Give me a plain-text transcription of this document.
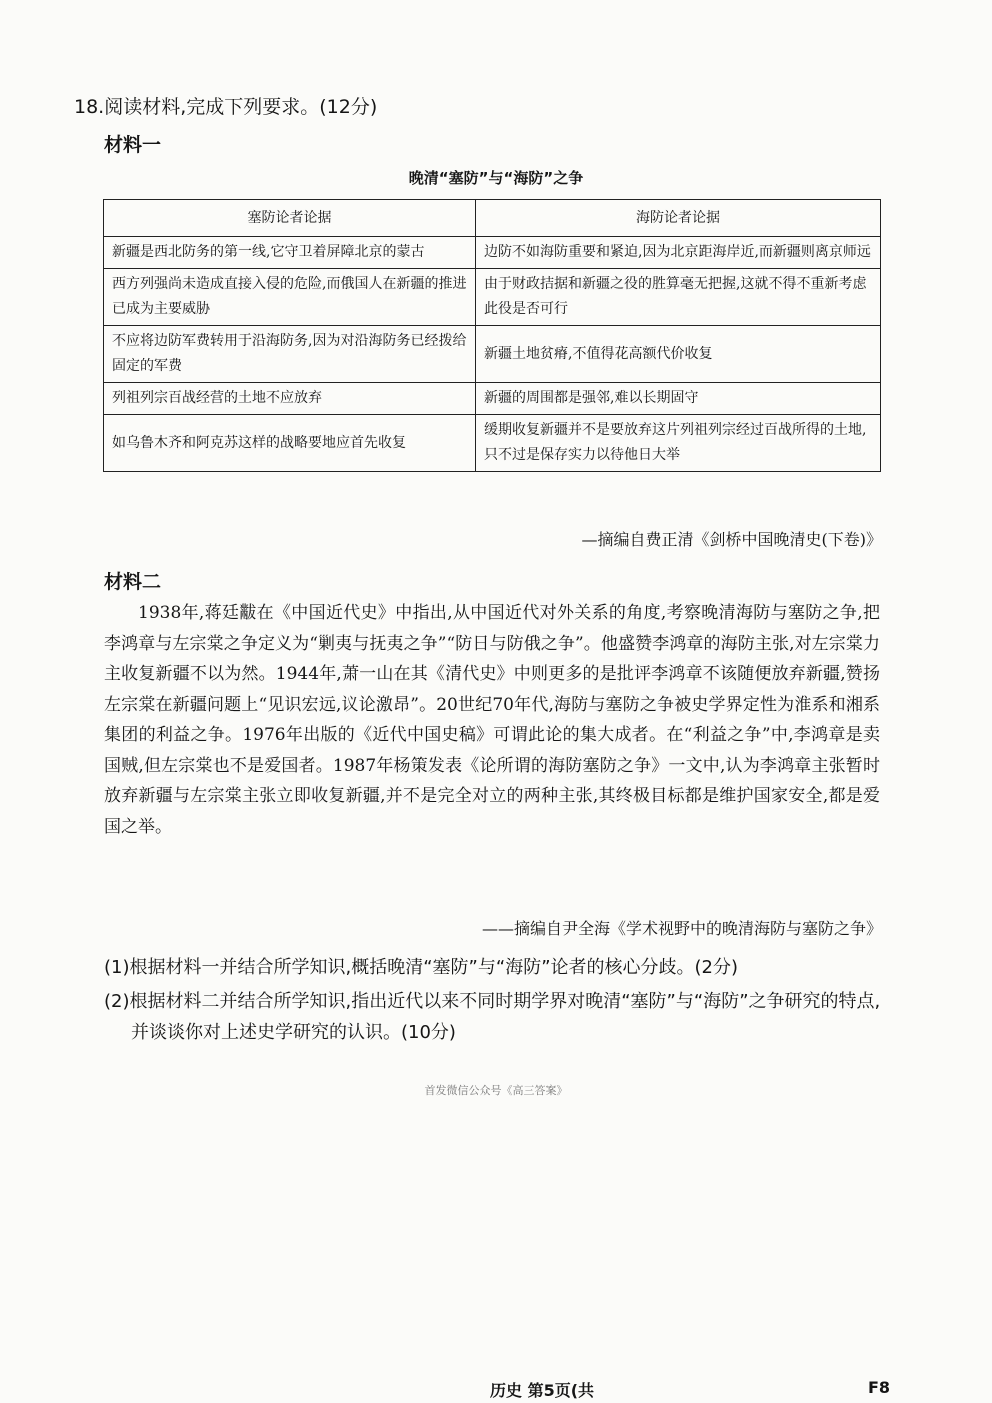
18.阅读材料,完成下列要求。(12分)
材料一
晚清“塞防”与“海防”之争
塞防论者论据	海防论者论据
新疆是西北防务的第一线,它守卫着屏障北京的蒙古	边防不如海防重要和紧迫,因为北京距海岸近,而新疆则离京师远
西方列强尚未造成直接入侵的危险,而俄国人在新疆的推进已成为主要威胁	由于财政拮据和新疆之役的胜算毫无把握,这就不得不重新考虑此役是否可行
不应将边防军费转用于沿海防务,因为对沿海防务已经拨给固定的军费	新疆土地贫瘠,不值得花高额代价收复
列祖列宗百战经营的土地不应放弃	新疆的周围都是强邻,难以长期固守
如乌鲁木齐和阿克苏这样的战略要地应首先收复	缓期收复新疆并不是要放弃这片列祖列宗经过百战所得的土地,只不过是保存实力以待他日大举
—摘编自费正清《剑桥中国晚清史(下卷)》
材料二

1938年,蒋廷黻在《中国近代史》中指出,从中国近代对外关系的角度,考察晚清海防与塞防之争,把李鸿章与左宗棠之争定义为“剿夷与抚夷之争”“防日与防俄之争”。他盛赞李鸿章的海防主张,对左宗棠力主收复新疆不以为然。1944年,萧一山在其《清代史》中则更多的是批评李鸿章不该随便放弃新疆,赞扬左宗棠在新疆问题上“见识宏远,议论激昂”。20世纪70年代,海防与塞防之争被史学界定性为淮系和湘系集团的利益之争。1976年出版的《近代中国史稿》可谓此论的集大成者。在“利益之争”中,李鸿章是卖国贼,但左宗棠也不是爱国者。1987年杨策发表《论所谓的海防塞防之争》一文中,认为李鸿章主张暂时放弃新疆与左宗棠主张立即收复新疆,并不是完全对立的两种主张,其终极目标都是维护国家安全,都是爱国之举。

——摘编自尹全海《学术视野中的晚清海防与塞防之争》
(1)根据材料一并结合所学知识,概括晚清“塞防”与“海防”论者的核心分歧。(2分)
(2)根据材料二并结合所学知识,指出近代以来不同时期学界对晚清“塞防”与“海防”之争研究的特点,并谈谈你对上述史学研究的认识。(10分)
首发微信公众号《高三答案》
历史 第5页(共	F8
